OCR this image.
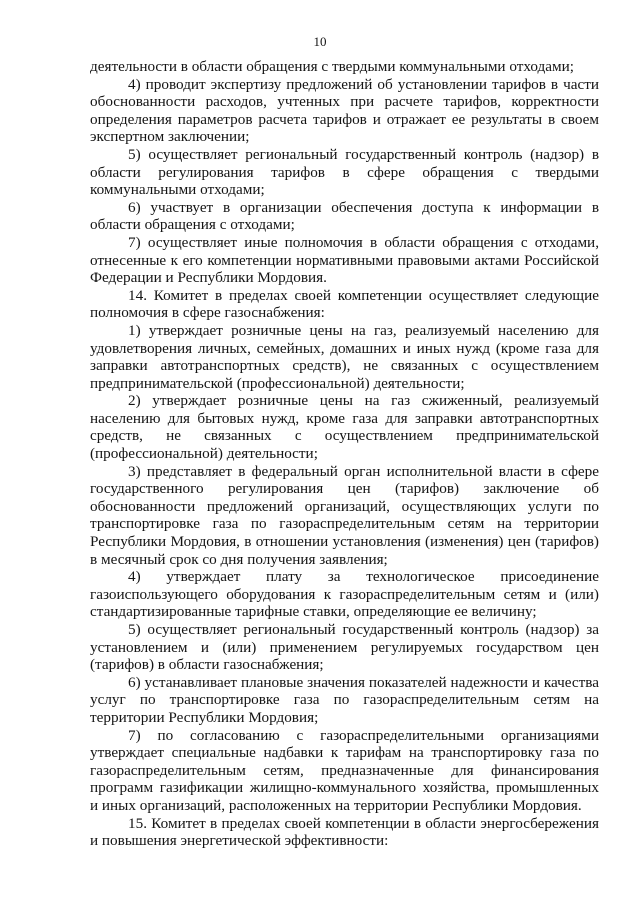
10

деятельности в области обращения с твердыми коммунальными отходами;

4) проводит экспертизу предложений об установлении тарифов в части обоснованности расходов, учтенных при расчете тарифов, корректности определения параметров расчета тарифов и отражает ее результаты в своем экспертном заключении;

5) осуществляет региональный государственный контроль (надзор) в области регулирования тарифов в сфере обращения с твердыми коммунальными отходами;

6) участвует в организации обеспечения доступа к информации в области обращения с отходами;

7) осуществляет иные полномочия в области обращения с отходами, отнесенные к его компетенции нормативными правовыми актами Российской Федерации и Республики Мордовия.

14. Комитет в пределах своей компетенции осуществляет следующие полномочия в сфере газоснабжения:

1) утверждает розничные цены на газ, реализуемый населению для удовлетворения личных, семейных, домашних и иных нужд (кроме газа для заправки автотранспортных средств), не связанных с осуществлением предпринимательской (профессиональной) деятельности;

2) утверждает розничные цены на газ сжиженный, реализуемый населению для бытовых нужд, кроме газа для заправки автотранспортных средств, не связанных с осуществлением предпринимательской (профессиональной) деятельности;

3) представляет в федеральный орган исполнительной власти в сфере государственного регулирования цен (тарифов) заключение об обоснованности предложений организаций, осуществляющих услуги по транспортировке газа по газораспределительным сетям на территории Республики Мордовия, в отношении установления (изменения) цен (тарифов) в месячный срок со дня получения заявления;

4) утверждает плату за технологическое присоединение газоиспользующего оборудования к газораспределительным сетям и (или) стандартизированные тарифные ставки, определяющие ее величину;

5) осуществляет региональный государственный контроль (надзор) за установлением и (или) применением регулируемых государством цен (тарифов) в области газоснабжения;

6) устанавливает плановые значения показателей надежности и качества услуг по транспортировке газа по газораспределительным сетям на территории Республики Мордовия;

7) по согласованию с газораспределительными организациями утверждает специальные надбавки к тарифам на транспортировку газа по газораспределительным сетям, предназначенные для финансирования программ газификации жилищно-коммунального хозяйства, промышленных и иных организаций, расположенных на территории Республики Мордовия.

15. Комитет в пределах своей компетенции в области энергосбережения и повышения энергетической эффективности:
